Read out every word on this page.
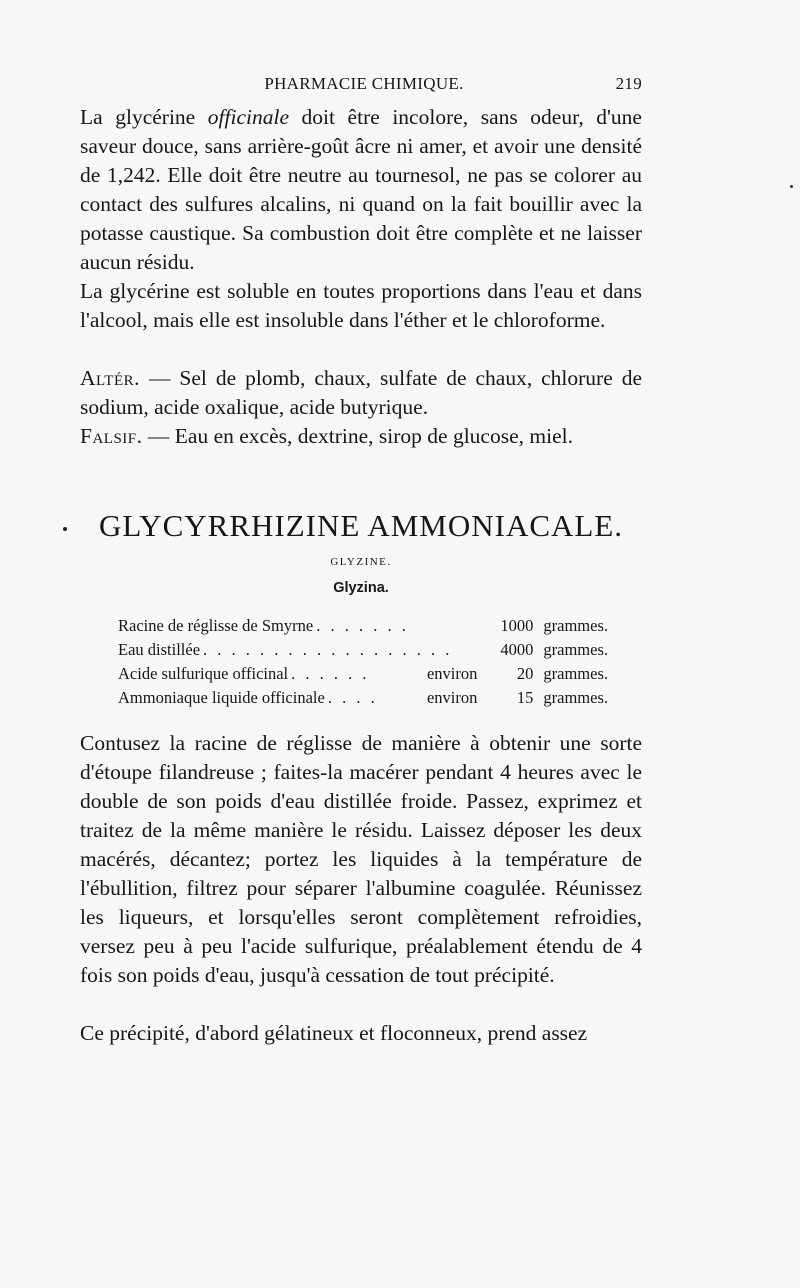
PHARMACIE CHIMIQUE.	219

La glycérine officinale doit être incolore, sans odeur, d'une saveur douce, sans arrière-goût âcre ni amer, et avoir une densité de 1,242. Elle doit être neutre au tournesol, ne pas se colorer au contact des sulfures alcalins, ni quand on la fait bouillir avec la potasse caustique. Sa combustion doit être complète et ne laisser aucun résidu.

La glycérine est soluble en toutes proportions dans l'eau et dans l'alcool, mais elle est insoluble dans l'éther et le chloroforme.

Altér. — Sel de plomb, chaux, sulfate de chaux, chlorure de sodium, acide oxalique, acide butyrique.

Falsif. — Eau en excès, dextrine, sirop de glucose, miel.

GLYCYRRHIZINE AMMONIACALE.
GLYZINE.
Glyzina.
Racine de réglisse de Smyrne . . . . . . .	1000 grammes.
Eau distillée . . . . . . . . . . . . . . . . . .	4000 grammes.
Acide sulfurique officinal . . . . . .	environ	20 grammes.
Ammoniaque liquide officinale . . . .	environ	15 grammes.

Contusez la racine de réglisse de manière à obtenir une sorte d'étoupe filandreuse ; faites-la macérer pendant 4 heures avec le double de son poids d'eau distillée froide. Passez, exprimez et traitez de la même manière le résidu. Laissez déposer les deux macérés, décantez; portez les liquides à la température de l'ébullition, filtrez pour séparer l'albumine coagulée. Réunissez les liqueurs, et lorsqu'elles seront complètement refroidies, versez peu à peu l'acide sulfurique, préalablement étendu de 4 fois son poids d'eau, jusqu'à cessation de tout précipité.

Ce précipité, d'abord gélatineux et floconneux, prend assez
